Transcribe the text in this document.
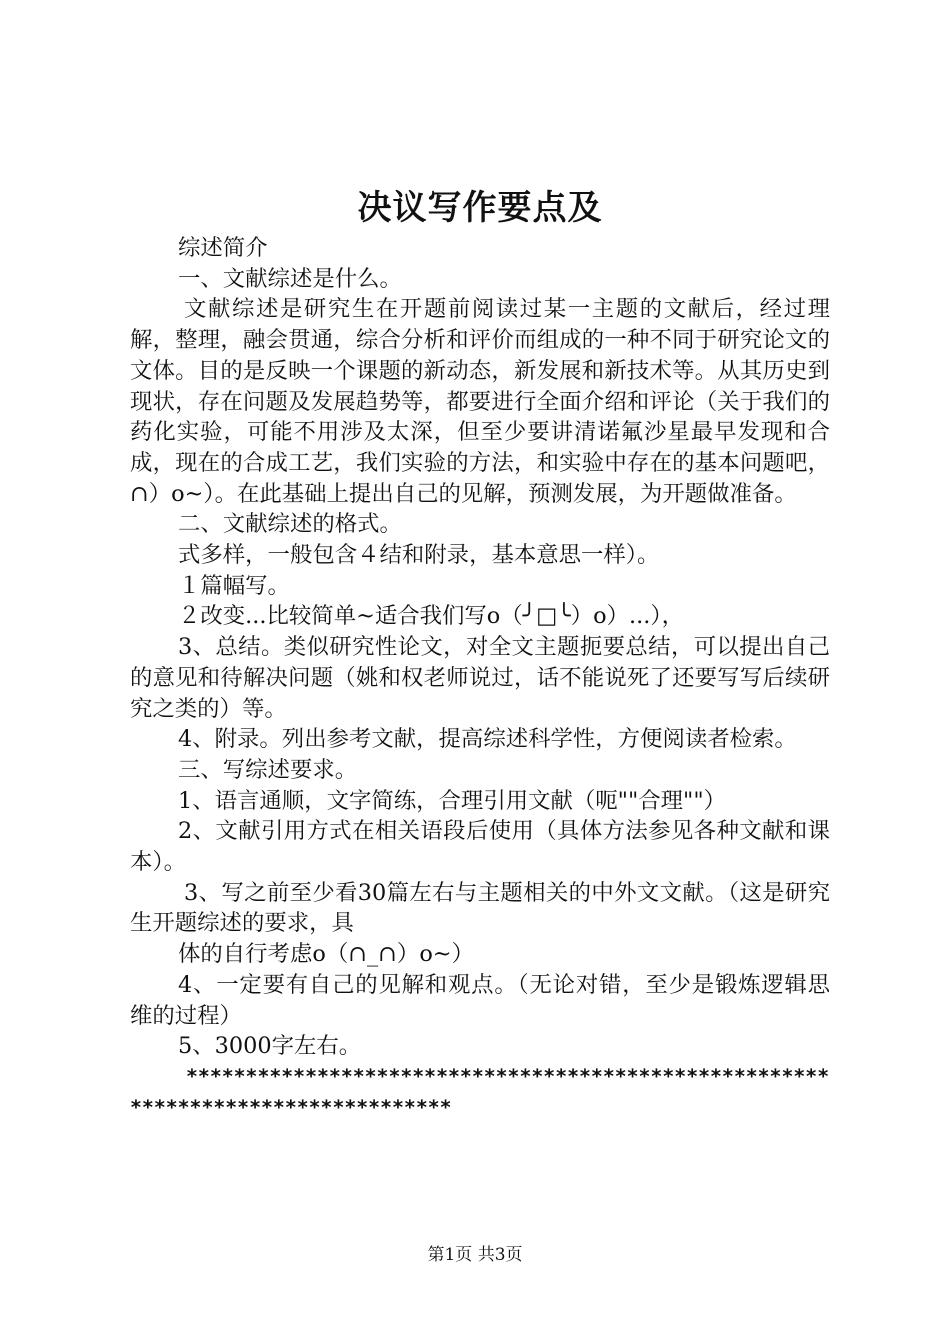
决议写作要点及

综述简介

一、文献综述是什么。

文献综述是研究生在开题前阅读过某一主题的文献后，经过理解，整理，融会贯通，综合分析和评价而组成的一种不同于研究论文的文体。目的是反映一个课题的新动态，新发展和新技术等。从其历史到现状，存在问题及发展趋势等，都要进行全面介绍和评论（关于我们的药化实验，可能不用涉及太深，但至少要讲清诺氟沙星最早发现和合成，现在的合成工艺，我们实验的方法，和实验中存在的基本问题吧，∩）o~）。在此基础上提出自己的见解，预测发展，为开题做准备。

二、文献综述的格式。

式多样，一般包含４结和附录，基本意思一样）。

１篇幅写。

２改变...比较简单~适合我们写o（╯□╰）o）...），

3、总结。类似研究性论文，对全文主题扼要总结，可以提出自己的意见和待解决问题（姚和权老师说过，话不能说死了还要写写后续研究之类的）等。

4、附录。列出参考文献，提高综述科学性，方便阅读者检索。

三、写综述要求。

1、语言通顺，文字简练，合理引用文献（呃""合理""）

2、文献引用方式在相关语段后使用（具体方法参见各种文献和课本）。

3、写之前至少看30篇左右与主题相关的中外文文献。（这是研究生开题综述的要求，具

体的自行考虑o（∩_∩）o~）

4、一定要有自己的见解和观点。（无论对错，至少是锻炼逻辑思维的过程）

5、3000字左右。

*********************************************************************************

第1页 共3页
